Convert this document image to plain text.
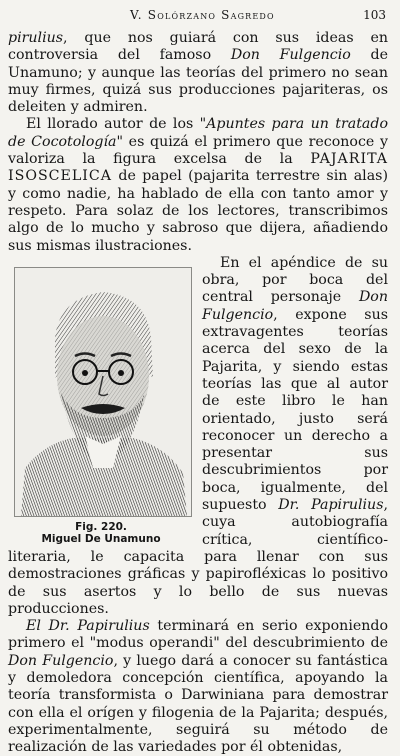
V. Solórzano Sagredo	103

pirulius, que nos guiará con sus ideas en controversia del famoso Don Fulgencio de Unamuno; y aunque las teorías del primero no sean muy firmes, quizá sus producciones pajariteras, os deleiten y admiren.

El llorado autor de los "Apuntes para un tratado de Cocotología" es quizá el primero que reconoce y valoriza la figura excelsa de la PAJARITA ISOSCELICA de papel (pajarita terrestre sin alas) y como nadie, ha hablado de ella con tanto amor y respeto. Para solaz de los lectores, transcribimos algo de lo mucho y sabroso que dijera, añadiendo sus mismas ilustraciones.

Fig. 220.
Miguel De Unamuno

En el apéndice de su obra, por boca del central personaje Don Fulgencio, expone sus extravagentes teorías acerca del sexo de la Pajarita, y siendo estas teorías las que al autor de este libro le han orientado, justo será reconocer un derecho a presentar sus descubrimientos por boca, igualmente, del supuesto Dr. Papirulius, cuya autobiografía crítica, científico-literaria, le capacita para llenar con sus demostraciones gráficas y papirofléxicas lo positivo de sus asertos y lo bello de sus nuevas producciones.

El Dr. Papirulius terminará en serio exponiendo primero el "modus operandi" del descubrimiento de Don Fulgencio, y luego dará a conocer su fantástica y demoledora concepción científica, apoyando la teoría transformista o Darwiniana para demostrar con ella el orígen y filogenia de la Pajarita; después, experimentalmente, seguirá su método de realización de las variedades por él obtenidas,
